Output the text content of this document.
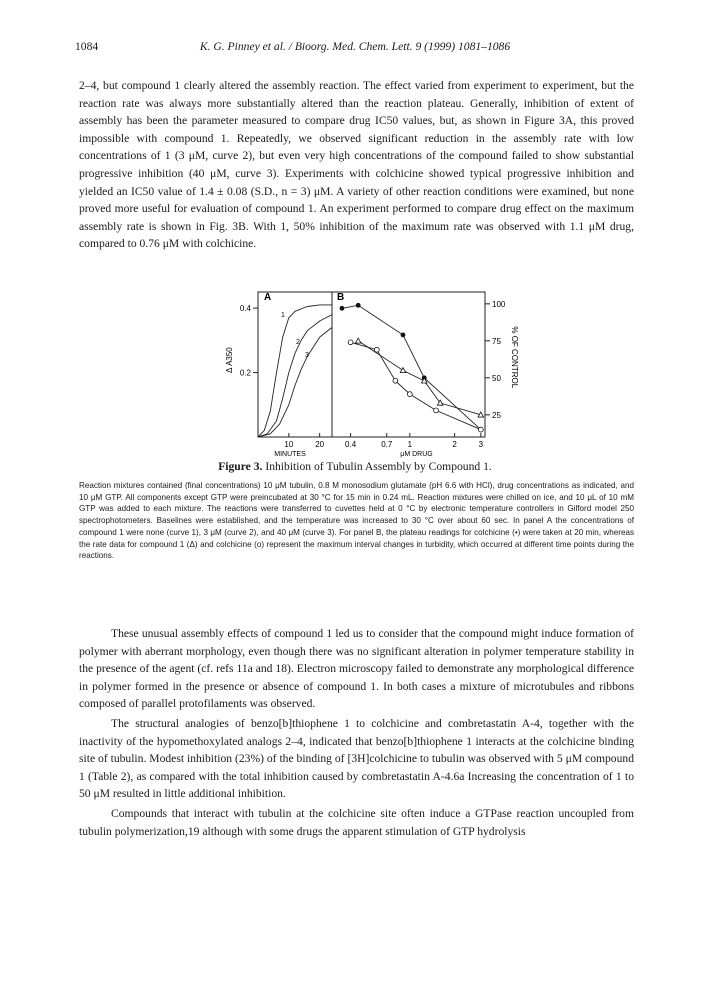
1084	K. G. Pinney et al. / Bioorg. Med. Chem. Lett. 9 (1999) 1081–1086

2–4, but compound 1 clearly altered the assembly reaction. The effect varied from experiment to experiment, but the reaction rate was always more substantially altered than the reaction plateau. Generally, inhibition of extent of assembly has been the parameter measured to compare drug IC50 values, but, as shown in Figure 3A, this proved impossible with compound 1. Repeatedly, we observed significant reduction in the assembly rate with low concentrations of 1 (3 μM, curve 2), but even very high concentrations of the compound failed to show substantial progressive inhibition (40 μM, curve 3). Experiments with colchicine showed typical progressive inhibition and yielded an IC50 value of 1.4 ± 0.08 (S.D., n = 3) μM. A variety of other reaction conditions were examined, but none proved more useful for evaluation of compound 1. An experiment performed to compare drug effect on the maximum assembly rate is shown in Fig. 3B. With 1, 50% inhibition of the maximum rate was observed with 1.1 μM drug, compared to 0.76 μM with colchicine.

A	B
0.2
0.4
Δ A350
25
50
75
100
% OF CONTROL
10	20
MINUTES
0.4	0.7 1	2	3
μM DRUG
1
2
3
Figure 3. Inhibition of Tubulin Assembly by Compound 1.

Reaction mixtures contained (final concentrations) 10 μM tubulin, 0.8 M monosodium glutamate (pH 6.6 with HCl), drug concentrations as indicated, and 10 μM GTP. All components except GTP were preincubated at 30 °C for 15 min in 0.24 mL. Reaction mixtures were chilled on ice, and 10 μL of 10 mM GTP was added to each mixture. The reactions were transferred to cuvettes held at 0 °C by electronic temperature controllers in Gilford model 250 spectrophotometers. Baselines were established, and the temperature was increased to 30 °C over about 60 sec. In panel A the concentrations of compound 1 were none (curve 1), 3 μM (curve 2), and 40 μM (curve 3). For panel B, the plateau readings for colchicine (•) were taken at 20 min, whereas the rate data for compound 1 (Δ) and colchicine (o) represent the maximum interval changes in turbidity, which occurred at different time points during the reactions.

These unusual assembly effects of compound 1 led us to consider that the compound might induce formation of polymer with aberrant morphology, even though there was no significant alteration in polymer temperature stability in the presence of the agent (cf. refs 11a and 18). Electron microscopy failed to demonstrate any morphological difference in polymer formed in the presence or absence of compound 1. In both cases a mixture of microtubules and ribbons composed of parallel protofilaments was observed.

The structural analogies of benzo[b]thiophene 1 to colchicine and combretastatin A-4, together with the inactivity of the hypomethoxylated analogs 2–4, indicated that benzo[b]thiophene 1 interacts at the colchicine binding site of tubulin. Modest inhibition (23%) of the binding of [3H]colchicine to tubulin was observed with 5 μM compound 1 (Table 2), as compared with the total inhibition caused by combretastatin A-4.6a Increasing the concentration of 1 to 50 μM resulted in little additional inhibition.

Compounds that interact with tubulin at the colchicine site often induce a GTPase reaction uncoupled from tubulin polymerization,19 although with some drugs the apparent stimulation of GTP hydrolysis
